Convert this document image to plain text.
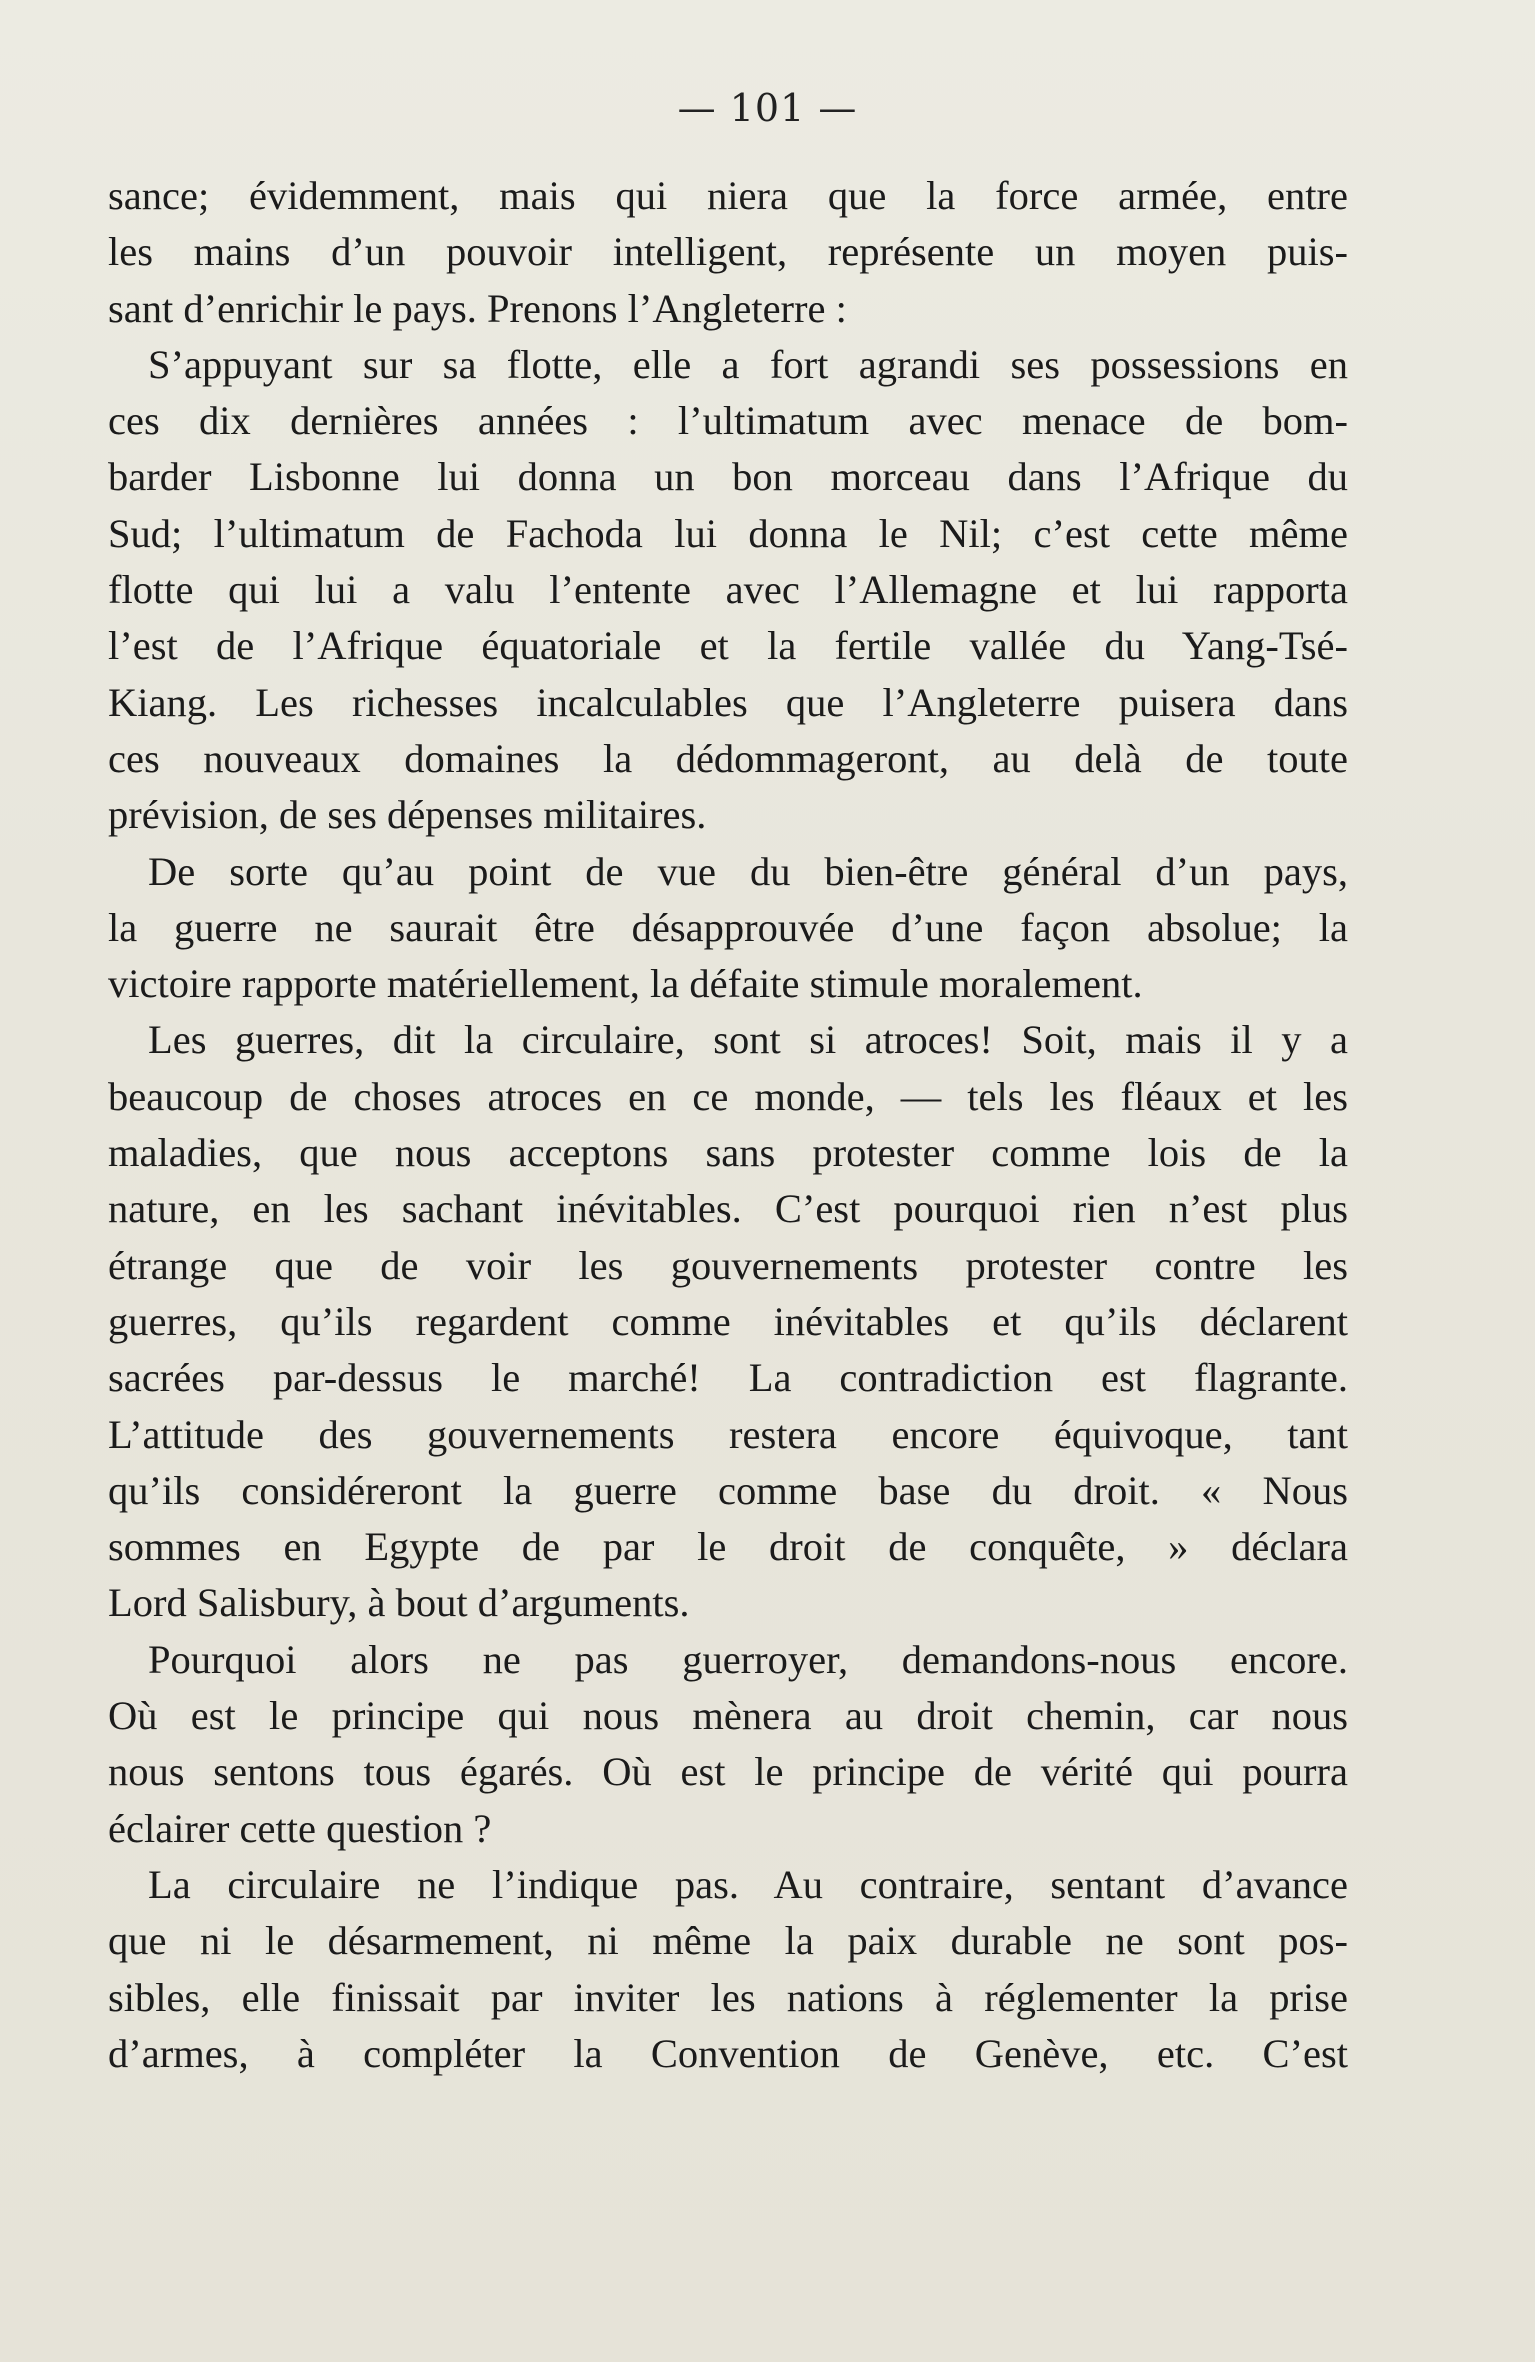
— 101 —
sance; évidemment, mais qui niera que la force armée, entre
les mains d’un pouvoir intelligent, représente un moyen puis-
sant d’enrichir le pays. Prenons l’Angleterre :
S’appuyant sur sa flotte, elle a fort agrandi ses possessions en
ces dix dernières années : l’ultimatum avec menace de bom-
barder Lisbonne lui donna un bon morceau dans l’Afrique du
Sud; l’ultimatum de Fachoda lui donna le Nil; c’est cette même
flotte qui lui a valu l’entente avec l’Allemagne et lui rapporta
l’est de l’Afrique équatoriale et la fertile vallée du Yang-Tsé-
Kiang. Les richesses incalculables que l’Angleterre puisera dans
ces nouveaux domaines la dédommageront, au delà de toute
prévision, de ses dépenses militaires.
De sorte qu’au point de vue du bien-être général d’un pays,
la guerre ne saurait être désapprouvée d’une façon absolue; la
victoire rapporte matériellement, la défaite stimule moralement.
Les guerres, dit la circulaire, sont si atroces! Soit, mais il y a
beaucoup de choses atroces en ce monde, — tels les fléaux et les
maladies, que nous acceptons sans protester comme lois de la
nature, en les sachant inévitables. C’est pourquoi rien n’est plus
étrange que de voir les gouvernements protester contre les
guerres, qu’ils regardent comme inévitables et qu’ils déclarent
sacrées par-dessus le marché! La contradiction est flagrante.
L’attitude des gouvernements restera encore équivoque, tant
qu’ils considéreront la guerre comme base du droit. « Nous
sommes en Egypte de par le droit de conquête, » déclara
Lord Salisbury, à bout d’arguments.
Pourquoi alors ne pas guerroyer, demandons-nous encore.
Où est le principe qui nous mènera au droit chemin, car nous
nous sentons tous égarés. Où est le principe de vérité qui pourra
éclairer cette question ?
La circulaire ne l’indique pas. Au contraire, sentant d’avance
que ni le désarmement, ni même la paix durable ne sont pos-
sibles, elle finissait par inviter les nations à réglementer la prise
d’armes, à compléter la Convention de Genève, etc. C’est
